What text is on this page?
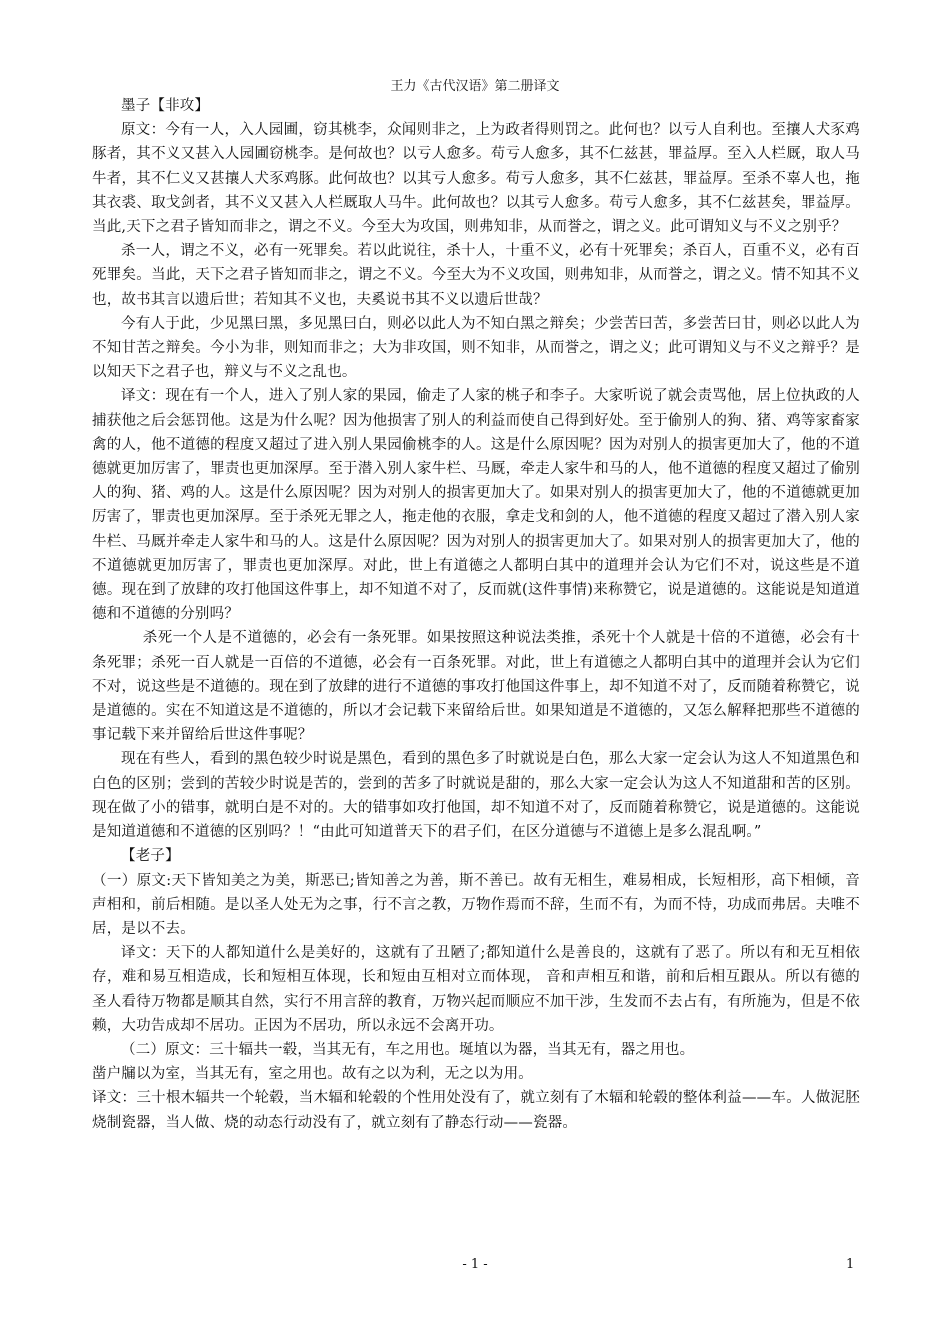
王力《古代汉语》第二册译文

墨子【非攻】

原文：今有一人，入人园圃，窃其桃李，众闻则非之，上为政者得则罚之。此何也？以亏人自利也。至攘人犬豕鸡豚者，其不义又甚入人园圃窃桃李。是何故也？以亏人愈多。苟亏人愈多，其不仁兹甚，罪益厚。至入人栏厩，取人马牛者，其不仁义又甚攘人犬豕鸡豚。此何故也？以其亏人愈多。苟亏人愈多，其不仁兹甚，罪益厚。至杀不辜人也，拖其衣裘、取戈剑者，其不义又甚入人栏厩取人马牛。此何故也？以其亏人愈多。苟亏人愈多，其不仁兹甚矣，罪益厚。当此,天下之君子皆知而非之，谓之不义。今至大为攻国，则弗知非，从而誉之，谓之义。此可谓知义与不义之别乎？

杀一人，谓之不义，必有一死罪矣。若以此说往，杀十人，十重不义，必有十死罪矣；杀百人，百重不义，必有百死罪矣。当此，天下之君子皆知而非之，谓之不义。今至大为不义攻国，则弗知非，从而誉之，谓之义。情不知其不义也，故书其言以遗后世；若知其不义也，夫奚说书其不义以遗后世哉？

今有人于此，少见黑曰黑，多见黑曰白，则必以此人为不知白黑之辩矣；少尝苦曰苦，多尝苦曰甘，则必以此人为不知甘苦之辩矣。今小为非，则知而非之；大为非攻国，则不知非，从而誉之，谓之义；此可谓知义与不义之辩乎？是以知天下之君子也，辩义与不义之乱也。

译文：现在有一个人，进入了别人家的果园，偷走了人家的桃子和李子。大家听说了就会责骂他，居上位执政的人捕获他之后会惩罚他。这是为什么呢？因为他损害了别人的利益而使自己得到好处。至于偷别人的狗、猪、鸡等家畜家禽的人，他不道德的程度又超过了进入别人果园偷桃李的人。这是什么原因呢？因为对别人的损害更加大了，他的不道德就更加厉害了，罪责也更加深厚。至于潜入别人家牛栏、马厩，牵走人家牛和马的人，他不道德的程度又超过了偷别人的狗、猪、鸡的人。这是什么原因呢？因为对别人的损害更加大了。如果对别人的损害更加大了，他的不道德就更加厉害了，罪责也更加深厚。至于杀死无罪之人，拖走他的衣服，拿走戈和剑的人，他不道德的程度又超过了潜入别人家牛栏、马厩并牵走人家牛和马的人。这是什么原因呢？因为对别人的损害更加大了。如果对别人的损害更加大了，他的不道德就更加厉害了，罪责也更加深厚。对此，世上有道德之人都明白其中的道理并会认为它们不对，说这些是不道德。现在到了放肆的攻打他国这件事上，却不知道不对了，反而就(这件事情)来称赞它，说是道德的。这能说是知道道德和不道德的分别吗？

杀死一个人是不道德的，必会有一条死罪。如果按照这种说法类推，杀死十个人就是十倍的不道德，必会有十条死罪；杀死一百人就是一百倍的不道德，必会有一百条死罪。对此，世上有道德之人都明白其中的道理并会认为它们不对，说这些是不道德的。现在到了放肆的进行不道德的事攻打他国这件事上，却不知道不对了，反而随着称赞它，说是道德的。实在不知道这是不道德的，所以才会记载下来留给后世。如果知道是不道德的，又怎么解释把那些不道德的事记载下来并留给后世这件事呢？

现在有些人，看到的黑色较少时说是黑色，看到的黑色多了时就说是白色，那么大家一定会认为这人不知道黑色和白色的区别；尝到的苦较少时说是苦的，尝到的苦多了时就说是甜的，那么大家一定会认为这人不知道甜和苦的区别。现在做了小的错事，就明白是不对的。大的错事如攻打他国，却不知道不对了，反而随着称赞它，说是道德的。这能说是知道道德和不道德的区别吗？！“由此可知道普天下的君子们，在区分道德与不道德上是多么混乱啊。”

【老子】

（一）原文:天下皆知美之为美，斯恶已;皆知善之为善，斯不善已。故有无相生，难易相成，长短相形，高下相倾，音声相和，前后相随。是以圣人处无为之事，行不言之教，万物作焉而不辞，生而不有，为而不恃，功成而弗居。夫唯不居，是以不去。

译文：天下的人都知道什么是美好的，这就有了丑陋了;都知道什么是善良的，这就有了恶了。所以有和无互相依存，难和易互相造成，长和短相互体现，长和短由互相对立而体现， 音和声相互和谐，前和后相互跟从。所以有德的圣人看待万物都是顺其自然，实行不用言辞的教育，万物兴起而顺应不加干涉，生发而不去占有，有所施为，但是不依赖，大功告成却不居功。正因为不居功，所以永远不会离开功。

（二）原文：三十辐共一毂，当其无有，车之用也。埏埴以为器，当其无有，器之用也。

凿户牖以为室，当其无有，室之用也。故有之以为利，无之以为用。

译文：三十根木辐共一个轮毂，当木辐和轮毂的个性用处没有了，就立刻有了木辐和轮毂的整体利益——车。人做泥胚烧制瓷器，当人做、烧的动态行动没有了，就立刻有了静态行动——瓷器。

- 1 -	1
